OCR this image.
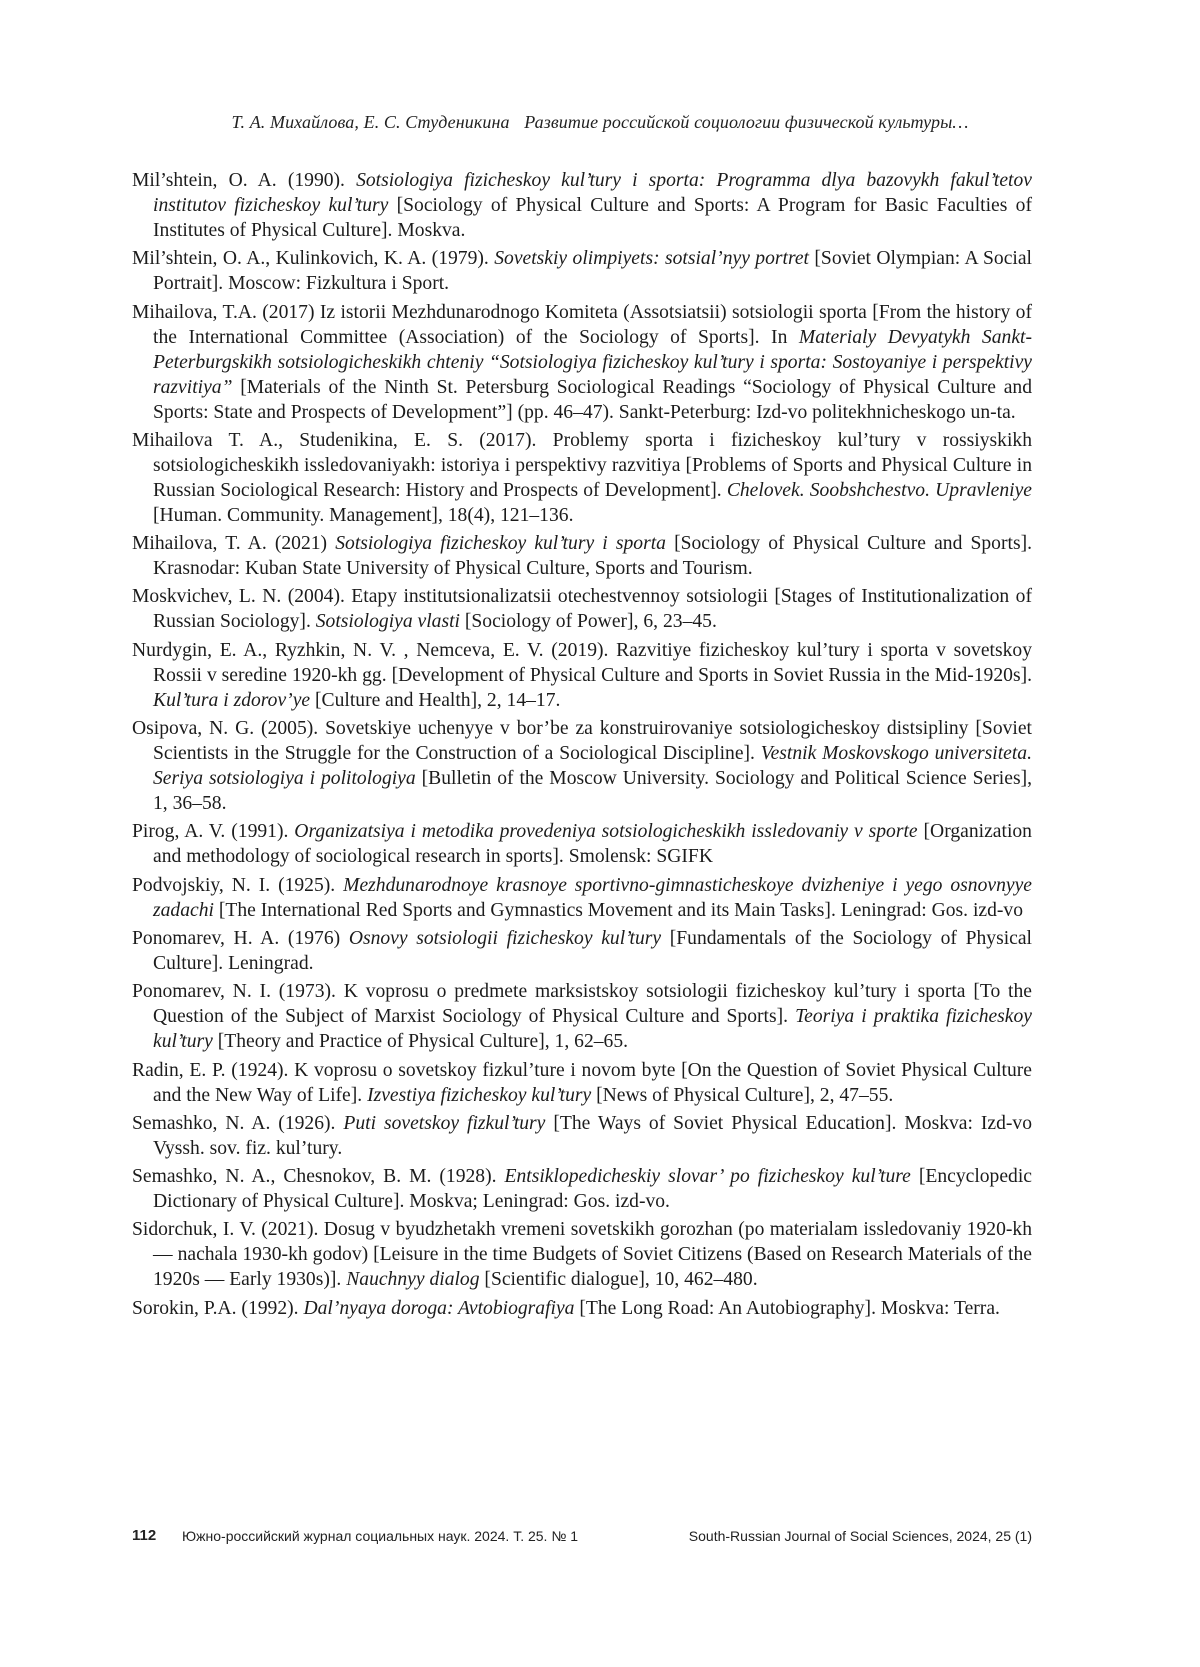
Т. А. Михайлова, Е. С. Студеникина Развитие российской социологии физической культуры…

Mil’shtein, O. A. (1990). Sotsiologiya fizicheskoy kul’tury i sporta: Programma dlya bazovykh fakul’tetov institutov fizicheskoy kul’tury [Sociology of Physical Culture and Sports: A Program for Basic Faculties of Institutes of Physical Culture]. Moskva.

Mil’shtein, O. A., Kulinkovich, K. A. (1979). Sovetskiy olimpiyets: sotsial’nyy portret [Soviet Olympian: A Social Portrait]. Moscow: Fizkultura i Sport.

Mihailova, T.A. (2017) Iz istorii Mezhdunarodnogo Komiteta (Assotsiatsii) sotsiologii sporta [From the history of the International Committee (Association) of the Sociology of Sports]. In Materialy Devyatykh Sankt-Peterburgskikh sotsiologicheskikh chteniy “Sotsiologiya fizicheskoy kul’tury i sporta: Sostoyaniye i perspektivy razvitiya” [Materials of the Ninth St. Petersburg Sociological Readings “Sociology of Physical Culture and Sports: State and Prospects of Development”] (pp. 46–47). Sankt-Peterburg: Izd-vo politekhnicheskogo un-ta.

Mihailova T. A., Studenikina, E. S. (2017). Problemy sporta i fizicheskoy kul’tury v rossiyskikh sotsiologicheskikh issledovaniyakh: istoriya i perspektivy razvitiya [Problems of Sports and Physical Culture in Russian Sociological Research: History and Prospects of Development]. Chelovek. Soobshchestvo. Upravleniye [Human. Community. Management], 18(4), 121–136.

Mihailova, T. A. (2021) Sotsiologiya fizicheskoy kul’tury i sporta [Sociology of Physical Culture and Sports]. Krasnodar: Kuban State University of Physical Culture, Sports and Tourism.

Moskvichev, L. N. (2004). Etapy institutsionalizatsii otechestvennoy sotsiologii [Stages of Institutionalization of Russian Sociology]. Sotsiologiya vlasti [Sociology of Power], 6, 23–45.

Nurdygin, E. A., Ryzhkin, N. V. , Nemceva, E. V. (2019). Razvitiye fizicheskoy kul’tury i sporta v sovetskoy Rossii v seredine 1920-kh gg. [Development of Physical Culture and Sports in Soviet Russia in the Mid-1920s]. Kul’tura i zdorov’ye [Culture and Health], 2, 14–17.

Osipova, N. G. (2005). Sovetskiye uchenyye v bor’be za konstruirovaniye sotsiologicheskoy distsipliny [Soviet Scientists in the Struggle for the Construction of a Sociological Discipline]. Vestnik Moskovskogo universiteta. Seriya sotsiologiya i politologiya [Bulletin of the Moscow University. Sociology and Political Science Series], 1, 36–58.

Pirog, A. V. (1991). Organizatsiya i metodika provedeniya sotsiologicheskikh issledovaniy v sporte [Organization and methodology of sociological research in sports]. Smolensk: SGIFK

Podvojskiy, N. I. (1925). Mezhdunarodnoye krasnoye sportivno-gimnasticheskoye dvizheniye i yego osnovnyye zadachi [The International Red Sports and Gymnastics Movement and its Main Tasks]. Leningrad: Gos. izd-vo

Ponomarev, H. A. (1976) Osnovy sotsiologii fizicheskoy kul’tury [Fundamentals of the Sociology of Physical Culture]. Leningrad.

Ponomarev, N. I. (1973). K voprosu o predmete marksistskoy sotsiologii fizicheskoy kul’tury i sporta [To the Question of the Subject of Marxist Sociology of Physical Culture and Sports]. Teoriya i praktika fizicheskoy kul’tury [Theory and Practice of Physical Culture], 1, 62–65.

Radin, E. P. (1924). K voprosu o sovetskoy fizkul’ture i novom byte [On the Question of Soviet Physical Culture and the New Way of Life]. Izvestiya fizicheskoy kul’tury [News of Physical Culture], 2, 47–55.

Semashko, N. A. (1926). Puti sovetskoy fizkul’tury [The Ways of Soviet Physical Education]. Moskva: Izd-vo Vyssh. sov. fiz. kul’tury.

Semashko, N. A., Chesnokov, B. M. (1928). Entsiklopedicheskiy slovar’ po fizicheskoy kul’ture [Encyclopedic Dictionary of Physical Culture]. Moskva; Leningrad: Gos. izd-vo.

Sidorchuk, I. V. (2021). Dosug v byudzhetakh vremeni sovetskikh gorozhan (po materialam issledovaniy 1920-kh — nachala 1930-kh godov) [Leisure in the time Budgets of Soviet Citizens (Based on Research Materials of the 1920s — Early 1930s)]. Nauchnyy dialog [Scientific dialogue], 10, 462–480.

Sorokin, P.A. (1992). Dal’nyaya doroga: Avtobiografiya [The Long Road: An Autobiography]. Moskva: Terra.

112 Южно-российский журнал социальных наук. 2024. Т. 25. № 1	South-Russian Journal of Social Sciences, 2024, 25 (1)
